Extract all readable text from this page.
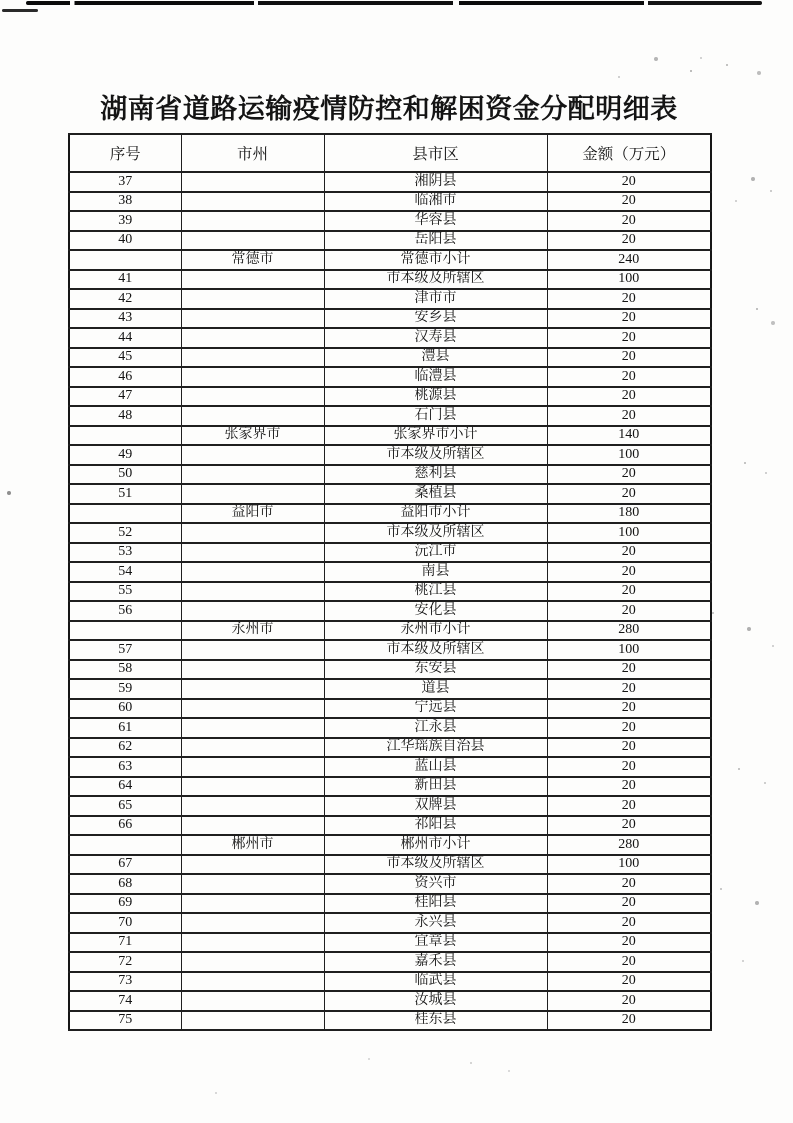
湖南省道路运输疫情防控和解困资金分配明细表
序号	市州	县市区	金额（万元）
37		湘阴县	20
38		临湘市	20
39		华容县	20
40		岳阳县	20
	常德市	常德市小计	240
41		市本级及所辖区	100
42		津市市	20
43		安乡县	20
44		汉寿县	20
45		澧县	20
46		临澧县	20
47		桃源县	20
48		石门县	20
	张家界市	张家界市小计	140
49		市本级及所辖区	100
50		慈利县	20
51		桑植县	20
	益阳市	益阳市小计	180
52		市本级及所辖区	100
53		沅江市	20
54		南县	20
55		桃江县	20
56		安化县	20
	永州市	永州市小计	280
57		市本级及所辖区	100
58		东安县	20
59		道县	20
60		宁远县	20
61		江永县	20
62		江华瑶族自治县	20
63		蓝山县	20
64		新田县	20
65		双牌县	20
66		祁阳县	20
	郴州市	郴州市小计	280
67		市本级及所辖区	100
68		资兴市	20
69		桂阳县	20
70		永兴县	20
71		宜章县	20
72		嘉禾县	20
73		临武县	20
74		汝城县	20
75		桂东县	20
